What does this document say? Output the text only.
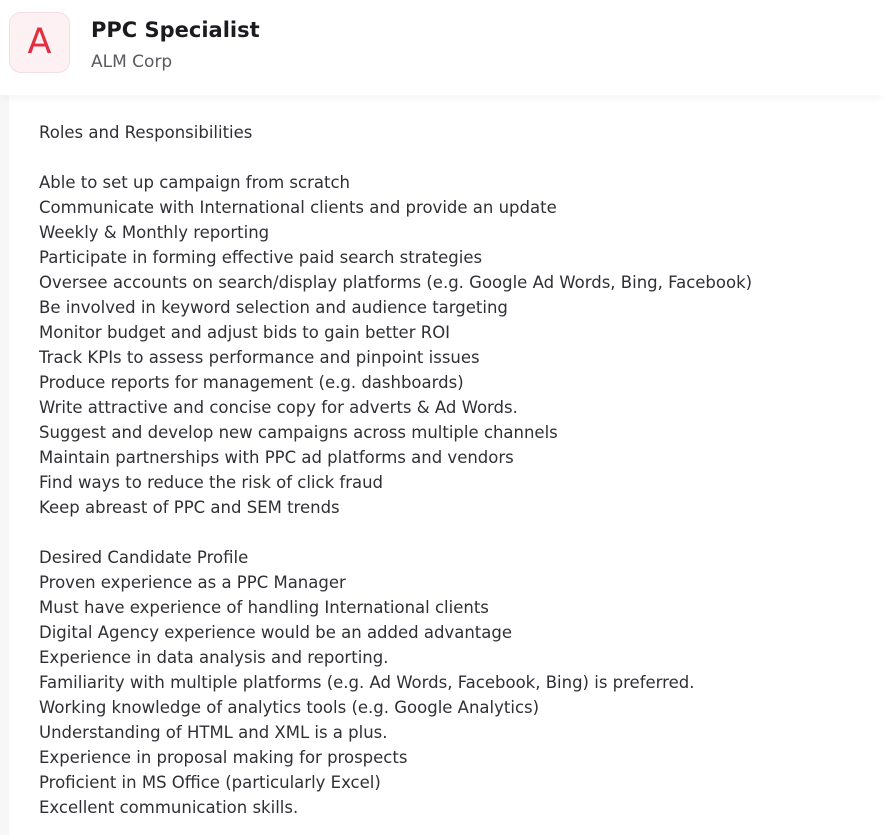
A PPC Specialist
ALM Corp
Roles and Responsibilities
Able to set up campaign from scratch
Communicate with International clients and provide an update
Weekly & Monthly reporting
Participate in forming effective paid search strategies
Oversee accounts on search/display platforms (e.g. Google Ad Words, Bing, Facebook)
Be involved in keyword selection and audience targeting
Monitor budget and adjust bids to gain better ROI
Track KPIs to assess performance and pinpoint issues
Produce reports for management (e.g. dashboards)
Write attractive and concise copy for adverts & Ad Words.
Suggest and develop new campaigns across multiple channels
Maintain partnerships with PPC ad platforms and vendors
Find ways to reduce the risk of click fraud
Keep abreast of PPC and SEM trends
Desired Candidate Profile
Proven experience as a PPC Manager
Must have experience of handling International clients
Digital Agency experience would be an added advantage
Experience in data analysis and reporting.
Familiarity with multiple platforms (e.g. Ad Words, Facebook, Bing) is preferred.
Working knowledge of analytics tools (e.g. Google Analytics)
Understanding of HTML and XML is a plus.
Experience in proposal making for prospects
Proficient in MS Office (particularly Excel)
Excellent communication skills.
